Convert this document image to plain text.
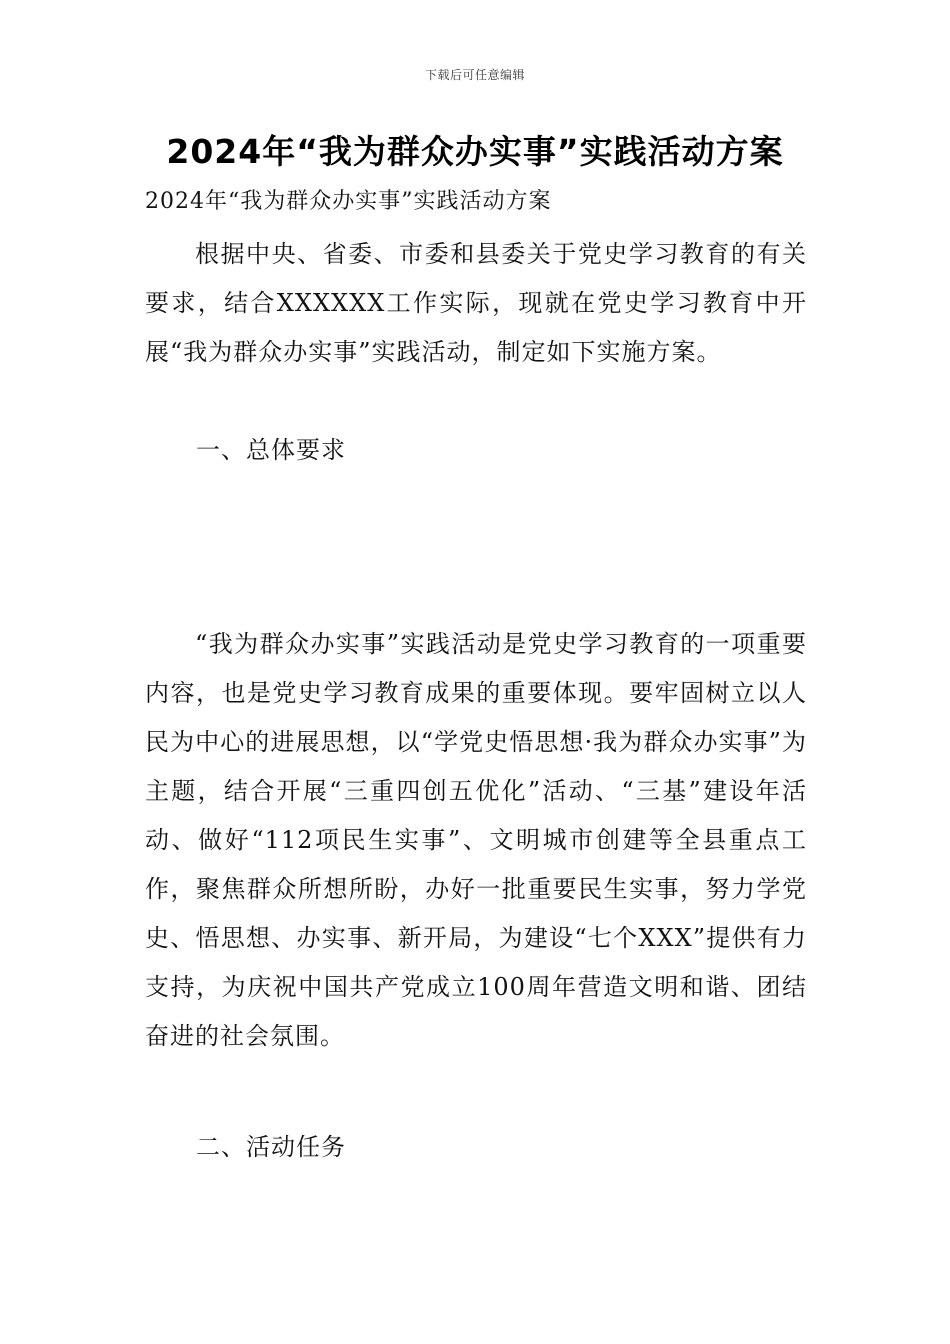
下载后可任意编辑
2024年“我为群众办实事”实践活动方案
2024年“我为群众办实事”实践活动方案
根据中央、省委、市委和县委关于党史学习教育的有关要求，结合XXXXXX工作实际，现就在党史学习教育中开展“我为群众办实事”实践活动，制定如下实施方案。
一、总体要求
“我为群众办实事”实践活动是党史学习教育的一项重要内容，也是党史学习教育成果的重要体现。要牢固树立以人民为中心的进展思想，以“学党史悟思想·我为群众办实事”为主题，结合开展“三重四创五优化”活动、“三基”建设年活动、做好“112项民生实事”、文明城市创建等全县重点工作，聚焦群众所想所盼，办好一批重要民生实事，努力学党史、悟思想、办实事、新开局，为建设“七个XXX”提供有力支持，为庆祝中国共产党成立100周年营造文明和谐、团结奋进的社会氛围。
二、活动任务
